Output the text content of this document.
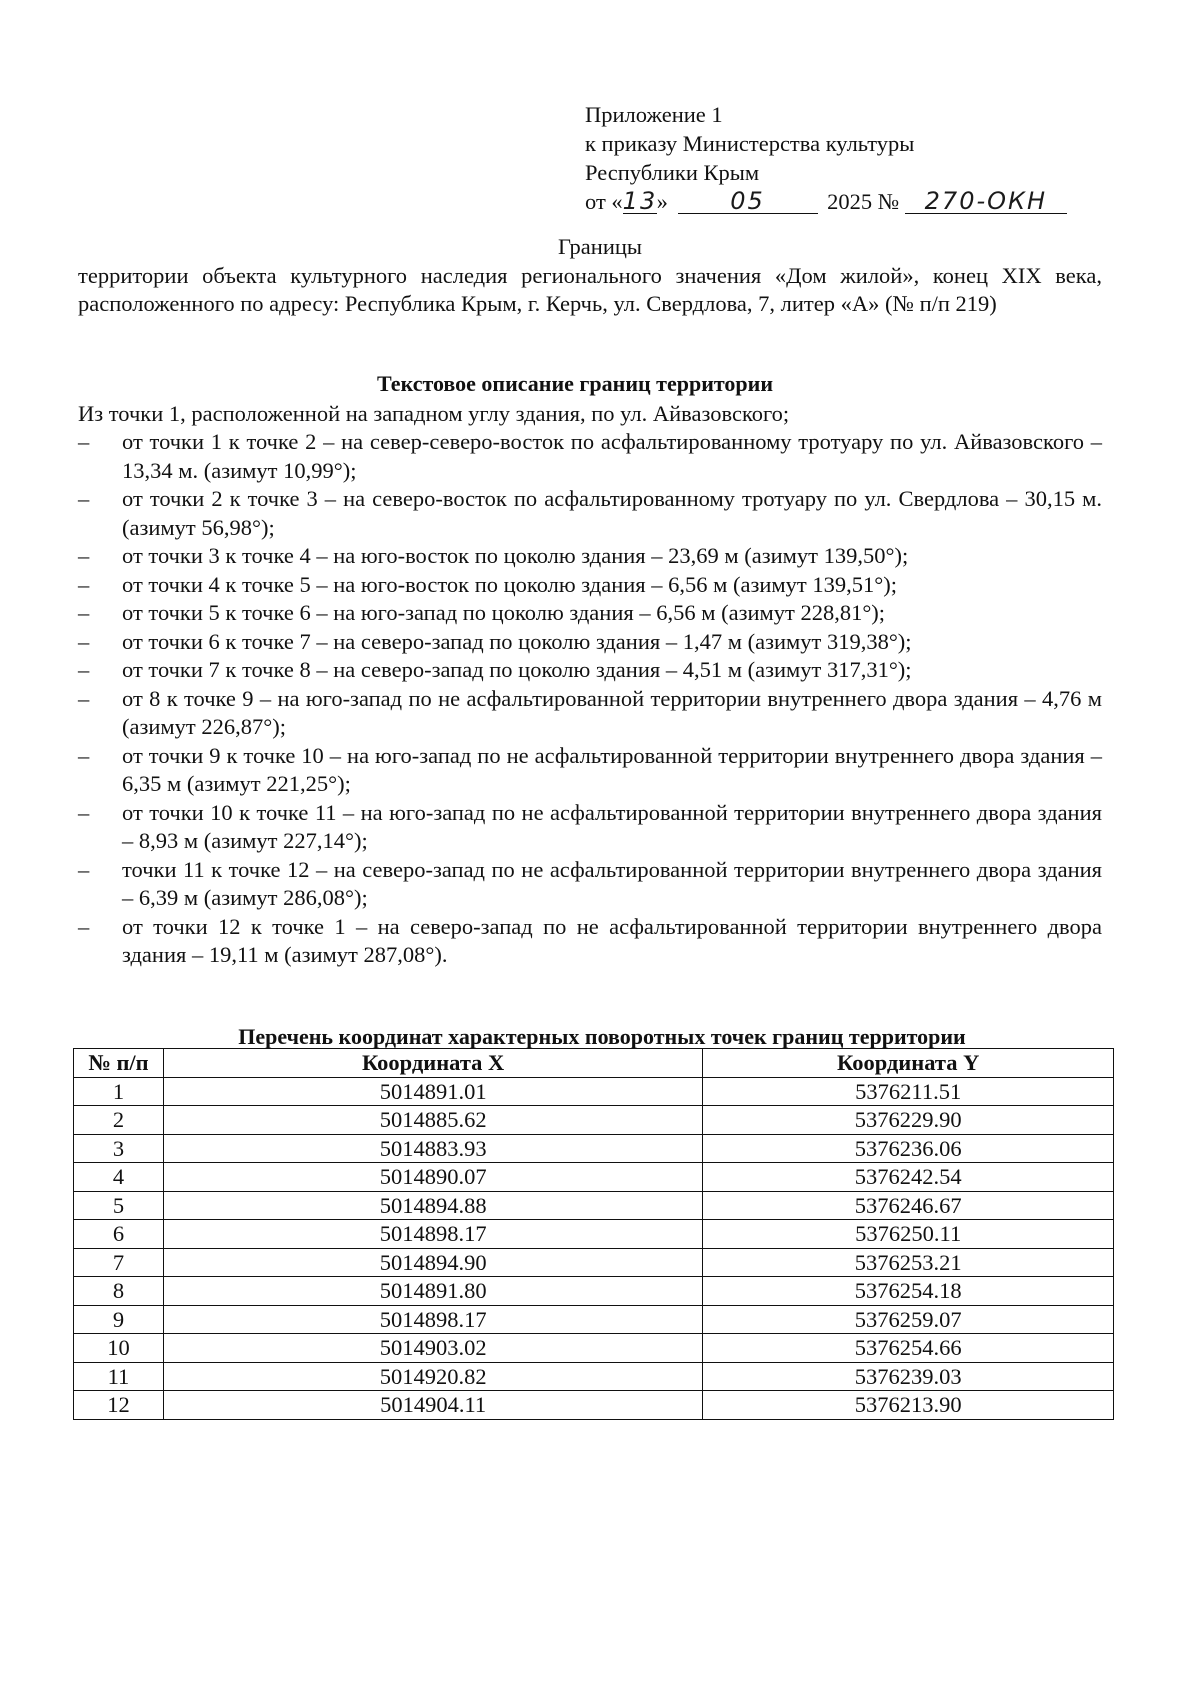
Приложение 1
к приказу Министерства культуры
Республики Крым
от «13»	05	2025 № 270-ОКН
Границы
территории объекта культурного наследия регионального значения «Дом жилой», конец XIX века, расположенного по адресу: Республика Крым, г. Керчь, ул. Свердлова, 7, литер «А» (№ п/п 219)
Текстовое описание границ территории
Из точки 1, расположенной на западном углу здания, по ул. Айвазовского;
– от точки 1 к точке 2 – на север-северо-восток по асфальтированному тротуару по ул. Айвазовского – 13,34 м. (азимут 10,99°);
– от точки 2 к точке 3 – на северо-восток по асфальтированному тротуару по ул. Свердлова – 30,15 м. (азимут 56,98°);
– от точки 3 к точке 4 – на юго-восток по цоколю здания – 23,69 м (азимут 139,50°);
– от точки 4 к точке 5 – на юго-восток по цоколю здания – 6,56 м (азимут 139,51°);
– от точки 5 к точке 6 – на юго-запад по цоколю здания – 6,56 м (азимут 228,81°);
– от точки 6 к точке 7 – на северо-запад по цоколю здания – 1,47 м (азимут 319,38°);
– от точки 7 к точке 8 – на северо-запад по цоколю здания – 4,51 м (азимут 317,31°);
– от 8 к точке 9 – на юго-запад по не асфальтированной территории внутреннего двора здания – 4,76 м (азимут 226,87°);
– от точки 9 к точке 10 – на юго-запад по не асфальтированной территории внутреннего двора здания – 6,35 м (азимут 221,25°);
– от точки 10 к точке 11 – на юго-запад по не асфальтированной территории внутреннего двора здания – 8,93 м (азимут 227,14°);
– точки 11 к точке 12 – на северо-запад по не асфальтированной территории внутреннего двора здания – 6,39 м (азимут 286,08°);
– от точки 12 к точке 1 – на северо-запад по не асфальтированной территории внутреннего двора здания – 19,11 м (азимут 287,08°).
Перечень координат характерных поворотных точек границ территории
№ п/п	Координата X	Координата Y
1	5014891.01	5376211.51
2	5014885.62	5376229.90
3	5014883.93	5376236.06
4	5014890.07	5376242.54
5	5014894.88	5376246.67
6	5014898.17	5376250.11
7	5014894.90	5376253.21
8	5014891.80	5376254.18
9	5014898.17	5376259.07
10	5014903.02	5376254.66
11	5014920.82	5376239.03
12	5014904.11	5376213.90
